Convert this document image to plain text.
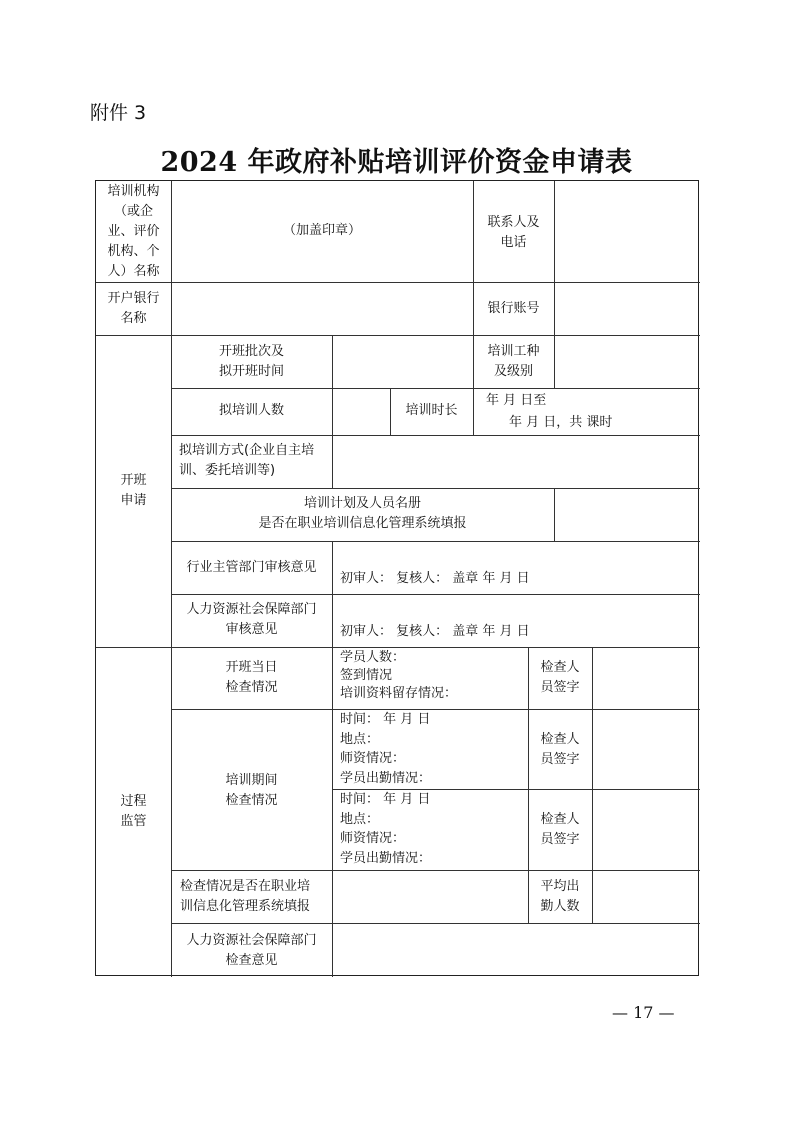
附件 3
2024 年政府补贴培训评价资金申请表
培训机构
（或企
业、评价
机构、个
人）名称
（加盖印章）
联系人及
电话
开户银行
名称
银行账号
开班
申请
开班批次及
拟开班时间
培训工种
及级别
拟培训人数	培训时长
年 月 日至
年 月 日，共 课时
拟培训方式(企业自主培
训、委托培训等)
培训计划及人员名册
是否在职业培训信息化管理系统填报
行业主管部门审核意见
初审人： 复核人： 盖章 年 月 日
人力资源社会保障部门
审核意见	初审人： 复核人： 盖章 年 月 日
过程
监管
开班当日
检查情况
学员人数：
签到情况
培训资料留存情况：
检查人
员签字
培训期间
检查情况
时间： 年 月 日
地点：
师资情况：
学员出勤情况：
检查人
员签字
时间： 年 月 日
地点：
师资情况：
学员出勤情况：
检查人
员签字
检查情况是否在职业培
训信息化管理系统填报
平均出
勤人数
人力资源社会保障部门
检查意见
— 17 —
